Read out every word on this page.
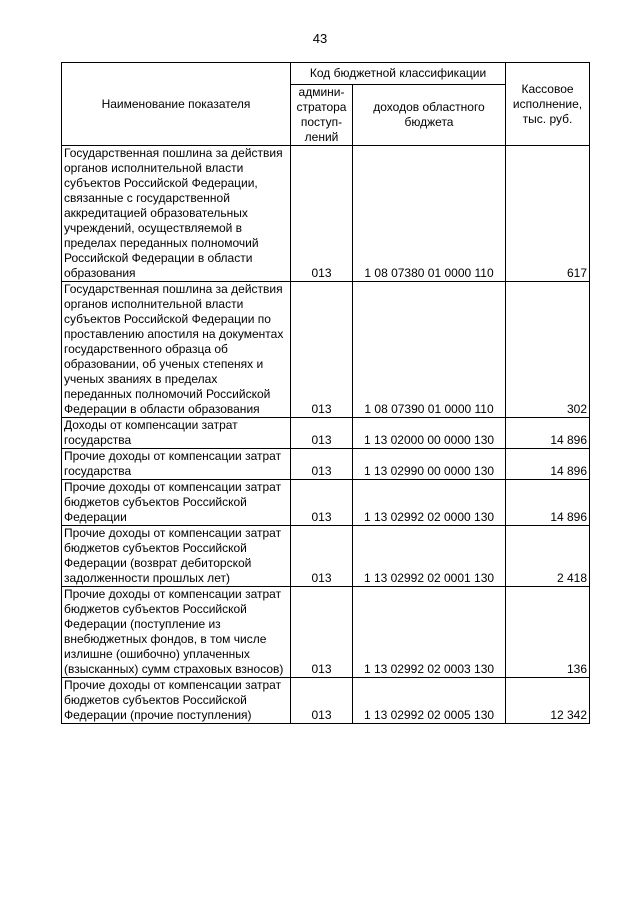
43
Наименование показателя	Код бюджетной классификации		Кассовое исполнение, тыс. руб.
	админи-стратора поступ-лений	доходов областного бюджета	
Государственная пошлина за действия органов исполнительной власти субъектов Российской Федерации, связанные с государственной аккредитацией образовательных учреждений, осуществляемой в пределах переданных полномочий Российской Федерации в области образования	013	1 08 07380 01 0000 110	617
Государственная пошлина за действия органов исполнительной власти субъектов Российской Федерации по проставлению апостиля на документах государственного образца об образовании, об ученых степенях и ученых званиях в пределах переданных полномочий Российской Федерации в области образования	013	1 08 07390 01 0000 110	302
Доходы от компенсации затрат государства	013	1 13 02000 00 0000 130	14 896
Прочие доходы от компенсации затрат государства	013	1 13 02990 00 0000 130	14 896
Прочие доходы от компенсации затрат бюджетов субъектов Российской Федерации	013	1 13 02992 02 0000 130	14 896
Прочие доходы от компенсации затрат бюджетов субъектов Российской Федерации (возврат дебиторской задолженности прошлых лет)	013	1 13 02992 02 0001 130	2 418
Прочие доходы от компенсации затрат бюджетов субъектов Российской Федерации (поступление из внебюджетных фондов, в том числе излишне (ошибочно) уплаченных (взысканных) сумм страховых взносов)	013	1 13 02992 02 0003 130	136
Прочие доходы от компенсации затрат бюджетов субъектов Российской Федерации (прочие поступления)	013	1 13 02992 02 0005 130	12 342
